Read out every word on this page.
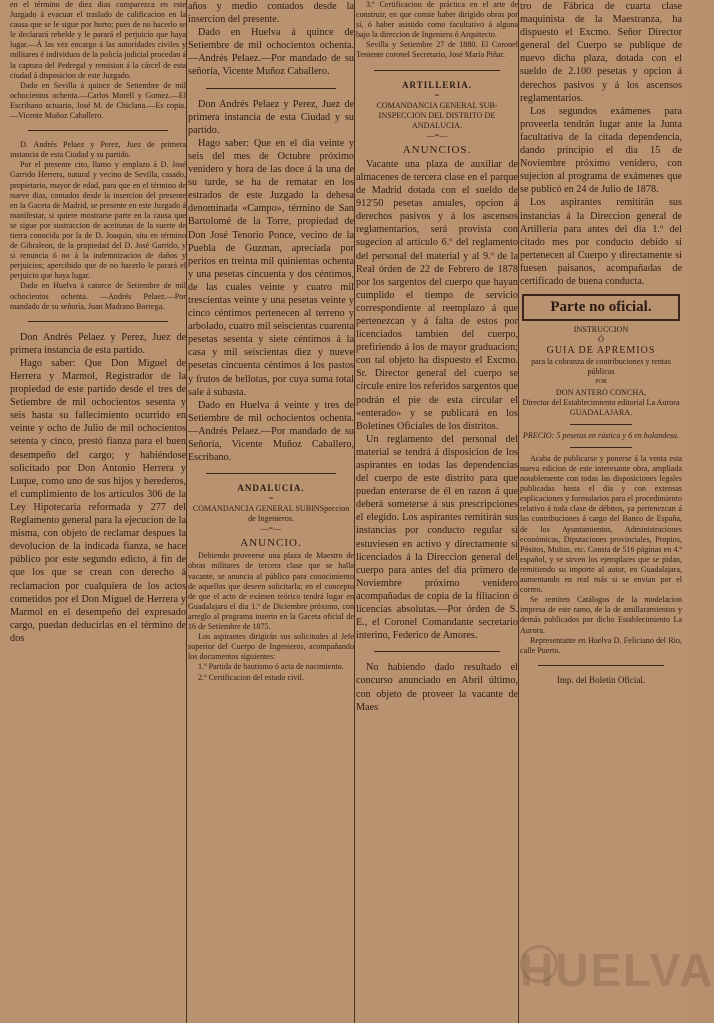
en el término de diez dias comparezca en este Juzgado á evacuar el traslado de calificacion en la causa que se le sigue por hurto; pues de no hacerlo se le declarará rebelde y le parará el perjuicio que haya lugar.—Á las vez encargo á las autoridades civiles y militares é individuos de la policía judicial procedan á la captura del Pedregal y remision á la cárcel de esta ciudad á disposicion de este Juzgado.

Dado en Sevilla á quince de Setiembre de mil ochocientos ochenta.—Carlos Morell y Gomez.—El Escribano actuario, José M. de Chiclana.—Es copia.—Vicente Muñoz Caballero.

D. Andrés Pelaez y Perez, Juez de primera instancia de esta Ciudad y su partido.

Por el presente cito, llamo y emplazo á D. José Garrido Herrera, natural y vecino de Sevilla, casado, propietario, mayor de edad, para que en el término de nueve dias, contados desde la insercion del presente en la Gaceta de Madrid, se presente en este Juzgado á manifestar, si quiere mostrarse parte en la causa que se sigue por sustraccion de aceitunas de la suerte de tierra conocida por la de D. Joaquin, sita en término de Gibraleon, de la propiedad del D. José Garrido, y si renuncia ó no á la indemnizacion de daños y perjuicios; apercibido que de no hacerlo le parará el perjuicio que haya lugar.

Dado en Huelva á catorce de Setiembre de mil ochocientos ochenta. —Andrés Pelaez.—Por mandado de su señoría, Juan Madrano Borrega.

Don Andrés Pelaez y Perez, Juez de primera instancia de esta partido.

Hago saber: Que Don Miguel de Herrera y Marmol, Registrador de la propiedad de este partido desde el tres de Setiembre de mil ochocientos sesenta y seis hasta su fallecimiento ocurrido en veinte y ocho de Julio de mil ochocientos setenta y cinco, prestó fianza para el buen desempeño del cargo; y habiéndose solicitado por Don Antonio Herrera y Luque, como uno de sus hijos y herederos, el cumplimiento de los artículos 306 de la Ley Hipotecaria reformada y 277 del Reglamento general para la ejecucion de la misma, con objeto de reclamar despues la devolucion de la indicada fianza, se hace público por este segundo edicto, á fin de que los que se crean con derecho á reclamacion por cualquiera de los actos cometidos por el Don Miguel de Herrera y Marmol en el desempeño del expresado cargo, puedan deducirlas en el término de dos

años y medio contados desde la insercion del presente.

Dado en Huelva á quince de Setiembre de mil ochocientos ochenta.—Andrés Pelaez.—Por mandado de su señoría, Vicente Muñoz Caballero.

Don Andrés Pelaez y Perez, Juez de primera instancia de esta Ciudad y su partido.

Hago saber: Que en el dia veinte y seis del mes de Octubre próximo venidero y hora de las doce á la una de su tarde, se ha de rematar en los estrados de este Juzgado la dehesa denominada «Campo», término de San Bartolomé de la Torre, propiedad de Don José Tenorio Ponce, vecino de la Puebla de Guzman, apreciada por peritos en treinta mil quinientas ochenta y una pesetas cincuenta y dos céntimos, de las cuales veinte y cuatro mil trescientas veinte y una pesetas veinte y cinco céntimos pertenecen al terreno y arbolado, cuatro mil seiscientas cuarenta pesetas sesenta y siete céntimos á la casa y mil seiscientas diez y nueve pesetas cincuenta céntimos á los pastos y frutos de bellotas, por cuya suma total sale á subasta.

Dado en Huelva á veinte y tres de Setiembre de mil ochocientos ochenta. —Andrés Pelaez.—Por mandado de su Señoría, Vicente Muñoz Caballero, Escribano.

ANDALUCIA.
=

COMANDANCIA GENERAL SUBINSpeccion de Ingenieros.

—=—
ANUNCIO.

Debiendo proveerse una plaza de Maestro de obras militares de tercera clase que se halla vacante, se anuncia al público para conocimiento de aquellos que deseen solicitarla; en el concepto de que el acto de exámen teórico tendrá lugar en Guadalajara el dia 1.º de Diciembre próximo, con arreglo al programa inserto en la Gaceta oficial de 16 de Setiembre de 1875.

Los aspirantes dirigirán sus solicitudes al Jefe superior del Cuerpo de Ingenieros, acompañando los documentos siguientes:

1.º Partida de bautismo ó acta de nacimiento.

2.º Certificacion del estado civil.

3.º Certificacion de práctica en el arte de construir, en que conste haber dirigido obras por sí, ó haber asistido como facultativo á alguna bajo la direccion de Ingeniero ó Arquitecto.

Sevilla y Setiembre 27 de 1880. El Coronel Teniente coronel Secretario, José María Piñar.

ARTILLERIA.
=

COMANDANCIA GENERAL SUB-INSPECCION DEL DISTRITO DE ANDALUCIA.

—=—
ANUNCIOS.

Vacante una plaza de auxiliar de almacenes de tercera clase en el parque de Madrid dotada con el sueldo de 912'50 pesetas anuales, opcion á derechos pasivos y á los ascensos reglamentarios, será provista con sugecion al artículo 6.º del reglamento del personal del material y al 9.º de la Real órden de 22 de Febrero de 1878 por los sargentos del cuerpo que hayan cumplido el tiempo de servicio correspondiente al reemplazo á que pertenezcan y á falta de estos por licenciados tambien del cuerpo, prefiriendo á los de mayor graduacion; con tal objeto ha dispuesto el Excmo. Sr. Director general del cuerpo se circule entre los referidos sargentos que podrán el pie de esta circular el «enterado» y se publicará en los Boletines Oficiales de los distritos.

Un reglamento del personal del material se tendrá á disposicion de los aspirantes en todas las dependencias del cuerpo de este distrito para que puedan enterarse de él en razon á que deberá someterse á sus prescripciones el elegido. Los aspirantes remitirán sus instancias por conducto regular si estuviesen en activo y directamente si licenciados á la Direccion general del cuerpo para antes del dia primero de Noviembre próximo venidero acompañadas de copia de la filiacion ó licencias absolutas.—Por órden de S. E., el Coronel Comandante secretario interino, Federico de Amores.

No habiendo dado resultado el concurso anunciado en Abril último, con objeto de proveer la vacante de Maes

tro de Fábrica de cuarta clase maquinista de la Maestranza, ha dispuesto el Excmo. Señor Director general del Cuerpo se publique de nuevo dicha plaza, dotada con el sueldo de 2.100 pesetas y opcion á derechos pasivos y á los ascensos reglamentarios.

Los segundos exámenes para proveerla tendrán lugar ante la Junta facultativa de la citada dependencia, dando principio el dia 15 de Noviembre próximo venidero, con sujecion al programa de exámenes que se publicó en 24 de Julio de 1878.

Los aspirantes remitirán sus instancias á la Direccion general de Artillería para antes del dia 1.º del citado mes por conducto debido si pertenecen al Cuerpo y directamente si fuesen paisanos, acompañadas de certificado de buena conducta.

Parte no oficial.

INSTRUCCION

Ó

GUIA DE APREMIOS

para la cobranza de contribuciones y rentas públicas

POR

DON ANTERO CONCHA,

Director del Establecimiento editorial La Aurora

GUADALAJARA.

PRECIO: 5 pesetas en rústica y 6 en holandesa.

Acaba de publicarse y ponerse á la venta esta nueva edicion de este interesante obra, ampliada notablemente con todas las disposiciones legales publicadas hasta el dia y con extensas esplicaciones y formularios para el procedimiento relativo á toda clase de débitos, ya pertenezcan á las contribuciones á cargo del Banco de España, de los Ayuntamientos, Administraciones económicas, Diputaciones provinciales, Propios, Pósitos, Multas, etc. Consta de 516 páginas en 4.º español, y se sirven los ejemplares que se pidan, remitiendo su importe al autor, en Guadalajara, aumentando en real más si se envian por el correo.

Se remiten Catálogos de la modelacion impresa de este ramo, de la de amillaramientos y demás publicados por dicho Establecimiento La Aurora.

Representante en Huelva D. Feliciano del Rio, calle Puerto.

Imp. del Boletin Oficial.

HUELVA
